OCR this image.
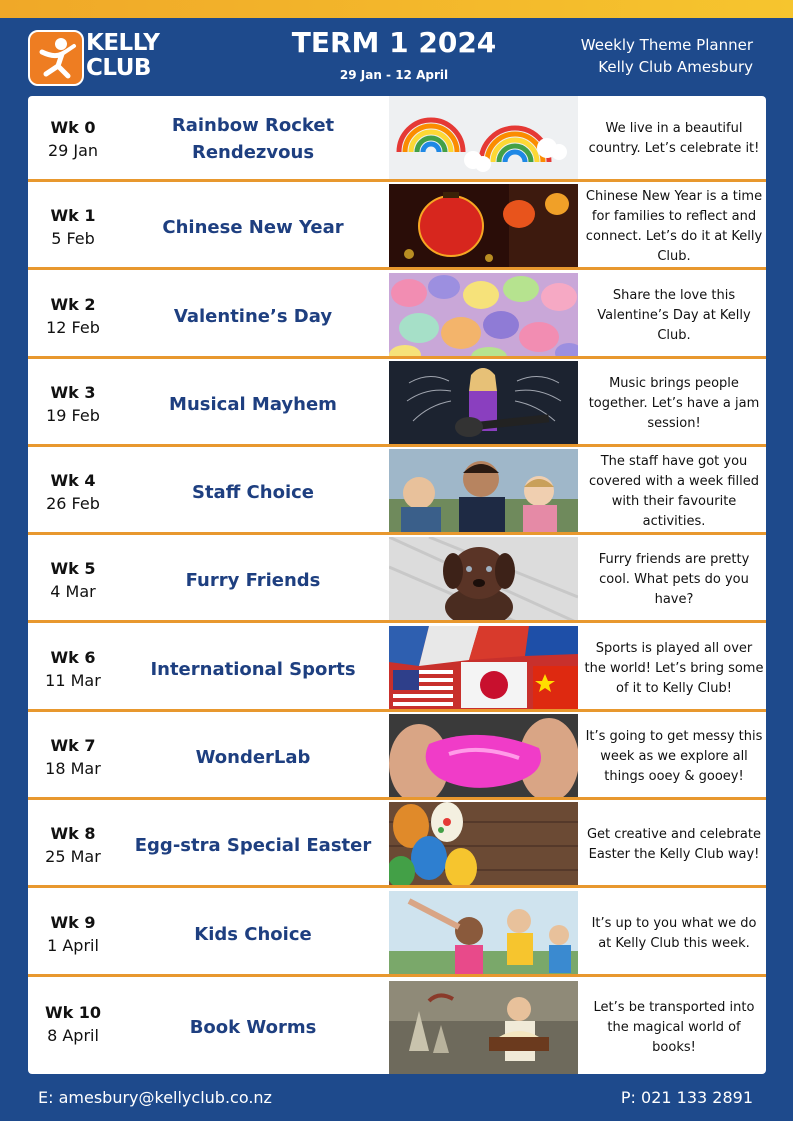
KELLY
CLUB
TERM 1 2024
29 Jan - 12 April
Weekly Theme Planner
Kelly Club Amesbury
Wk 0
29 Jan
Rainbow Rocket Rendezvous
We live in a beautiful country. Let’s celebrate it!
Wk 1
5 Feb
Chinese New Year
Chinese New Year is a time for families to reflect and connect. Let’s do it at Kelly Club.
Wk 2
12 Feb
Valentine’s Day
Share the love this Valentine’s Day at Kelly Club.
Wk 3
19 Feb
Musical Mayhem
Music brings people together. Let’s have a jam session!
Wk 4
26 Feb
Staff Choice
The staff have got you covered with a week filled with their favourite activities.
Wk 5
4 Mar
Furry Friends
Furry friends are pretty cool. What pets do you have?
Wk 6
11 Mar
International Sports
Sports is played all over the world! Let’s bring some of it to Kelly Club!
Wk 7
18 Mar
WonderLab
It’s going to get messy this week as we explore all things ooey & gooey!
Wk 8
25 Mar
Egg-stra Special Easter	Get creative and celebrate Easter the Kelly Club way!
Wk 9
1 April
Kids Choice	It’s up to you what we do at Kelly Club this week.
Wk 10
8 April	Book Worms
Let’s be transported into the magical world of books!
E: amesbury@kellyclub.co.nz	P: 021 133 2891
